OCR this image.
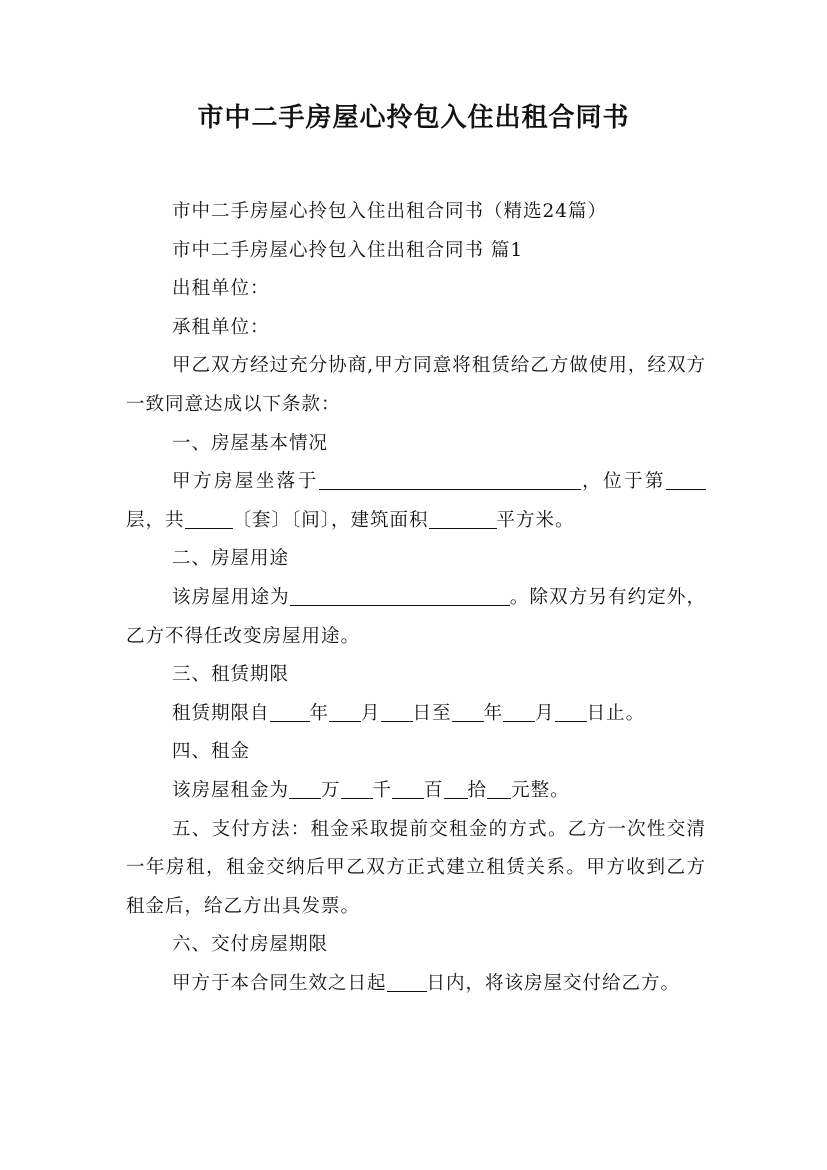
市中二手房屋心拎包入住出租合同书

市中二手房屋心拎包入住出租合同书（精选24篇）

市中二手房屋心拎包入住出租合同书 篇1

出租单位：

承租单位：

甲乙双方经过充分协商,甲方同意将租赁给乙方做使用，经双方一致同意达成以下条款：

一、房屋基本情况

甲方房屋坐落于	，位于第层，共	〔套〕〔间〕，建筑面积	平方米。

二、房屋用途

该房屋用途为	。除双方另有约定外，乙方不得任改变房屋用途。

三、租赁期限

租赁期限自 年 月 日至 年 月 日止。

四、租金

该房屋租金为 万 千 百 拾 元整。

五、支付方法：租金采取提前交租金的方式。乙方一次性交清一年房租，租金交纳后甲乙双方正式建立租赁关系。甲方收到乙方租金后，给乙方出具发票。

六、交付房屋期限

甲方于本合同生效之日起 日内，将该房屋交付给乙方。
